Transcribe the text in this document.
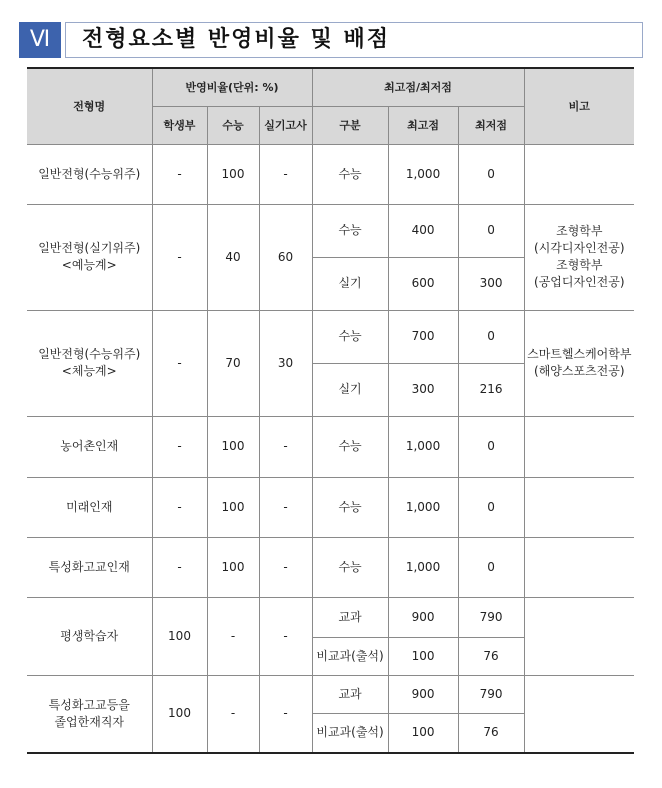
Ⅵ	전형요소별 반영비율 및 배점
전형명	반영비율(단위: %)			최고점/최저점			비고
	학생부	수능	실기고사	구분	최고점	최저점	
일반전형(수능위주)	-	100	-	수능	1,000	0	
일반전형(실기위주)
<예능계>	-	40	60	수능	400	0	조형학부
(시각디자인전공)
조형학부
(공업디자인전공)
				실기	600	300	
일반전형(수능위주)
<체능계>	-	70	30	수능	700	0	스마트헬스케어학부
(해양스포츠전공)
				실기	300	216	
농어촌인재	-	100	-	수능	1,000	0	
미래인재	-	100	-	수능	1,000	0	
특성화고교인재	-	100	-	수능	1,000	0	
평생학습자	100	-	-	교과	900	790	
				비교과(출석)	100	76	
특성화고교등을
졸업한재직자	100	-	-	교과	900	790	
				비교과(출석)	100	76	
